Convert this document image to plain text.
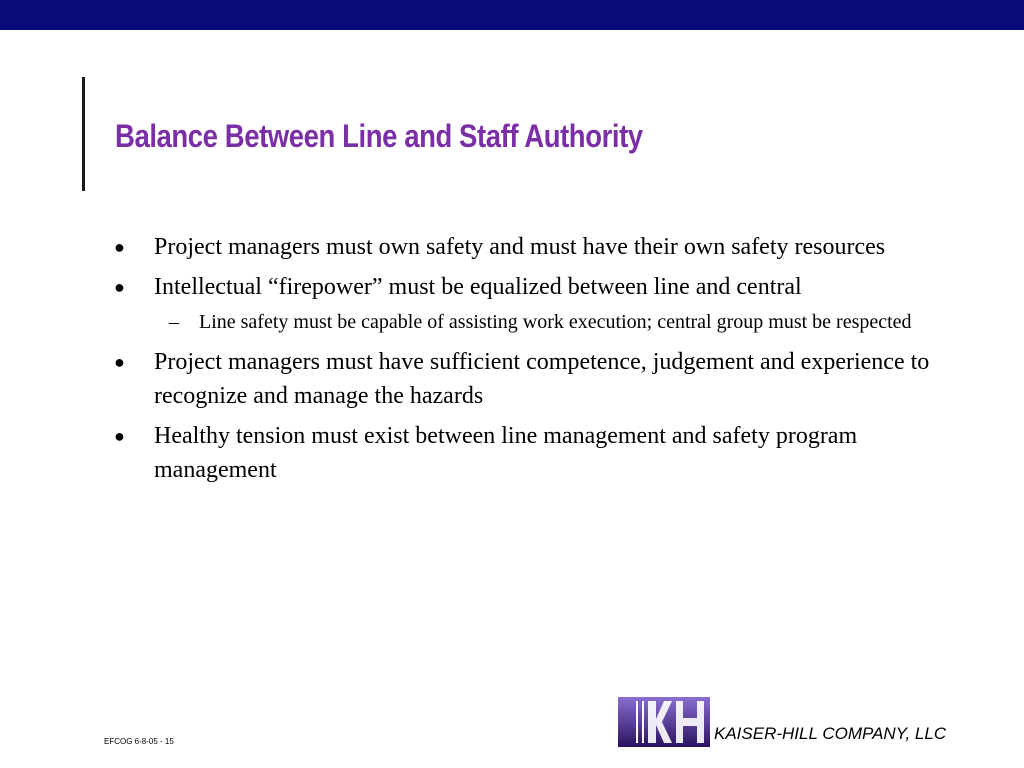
Balance Between Line and Staff Authority
● Project managers must own safety and must have their own safety resources
● Intellectual “firepower” must be equalized between line and central
– Line safety must be capable of assisting work execution; central group must be respected
● Project managers must have sufficient competence, judgement and experience to recognize and manage the hazards
● Healthy tension must exist between line management and safety program management
KAISER-HILL COMPANY, LLC
EFCOG 6-8-05 - 15
